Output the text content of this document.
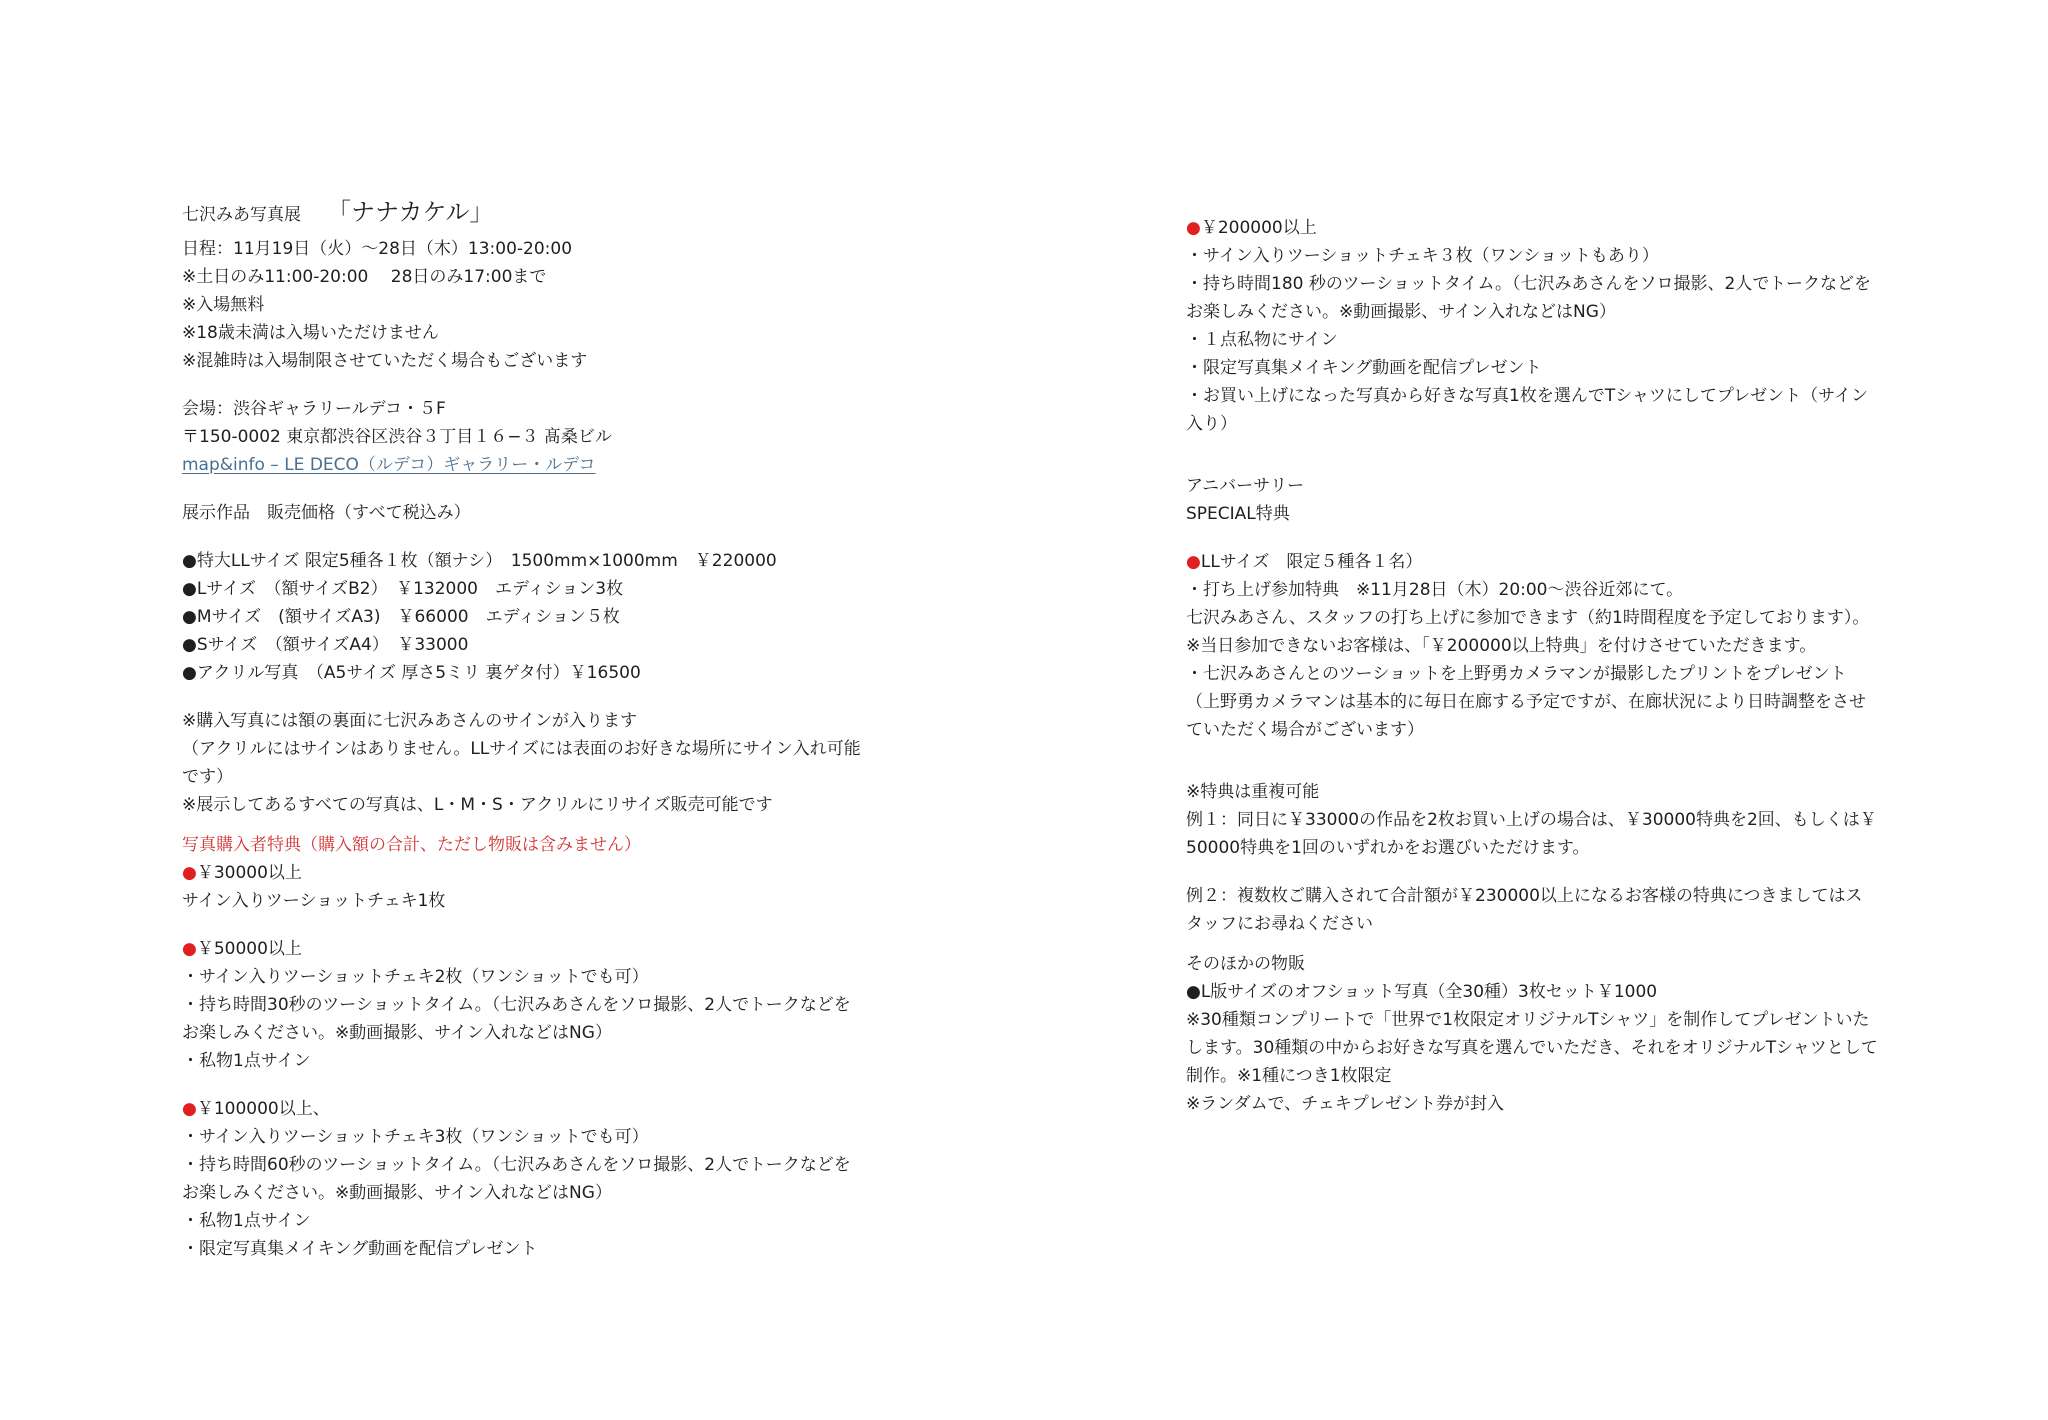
七沢みあ写真展 「ナナカケル」
日程：11月19日（火）〜28日（木）13:00-20:00
※土日のみ11:00-20:00　 28日のみ17:00まで
※入場無料
※18歳未満は入場いただけません
※混雑時は入場制限させていただく場合もございます
会場：渋谷ギャラリールデコ・５F
〒150-0002 東京都渋谷区渋谷３丁目１６−３ 髙桑ビル
map&info – LE DECO（ルデコ）ギャラリー・ルデコ
展示作品　販売価格（すべて税込み）
●特大LLサイズ 限定5種各１枚（額ナシ）　1500mm×1000mm　￥220000
●Lサイズ　（額サイズB2）　￥132000　エディション3枚
●Mサイズ　(額サイズA3)　￥66000　エディション５枚
●Sサイズ　（額サイズA4）　￥33000
●アクリル写真　（A5サイズ 厚さ5ミリ 裏ゲタ付）￥16500
※購入写真には額の裏面に七沢みあさんのサインが入ります
（アクリルにはサインはありません。LLサイズには表面のお好きな場所にサイン入れ可能
です）
※展示してあるすべての写真は、L・M・S・アクリルにリサイズ販売可能です
写真購入者特典（購入額の合計、ただし物販は含みません）
●￥30000以上
サイン入りツーショットチェキ1枚
●￥50000以上
・サイン入りツーショットチェキ2枚（ワンショットでも可）
・持ち時間30秒のツーショットタイム。（七沢みあさんをソロ撮影、2人でトークなどを
お楽しみください。※動画撮影、サイン入れなどはNG）
・私物1点サイン
●￥100000以上、
・サイン入りツーショットチェキ3枚（ワンショットでも可）
・持ち時間60秒のツーショットタイム。（七沢みあさんをソロ撮影、2人でトークなどを
お楽しみください。※動画撮影、サイン入れなどはNG）
・私物1点サイン
・限定写真集メイキング動画を配信プレゼント
●￥200000以上
・サイン入りツーショットチェキ３枚（ワンショットもあり）
・持ち時間180 秒のツーショットタイム。（七沢みあさんをソロ撮影、2人でトークなどを
お楽しみください。※動画撮影、サイン入れなどはNG）
・１点私物にサイン
・限定写真集メイキング動画を配信プレゼント
・お買い上げになった写真から好きな写真1枚を選んでTシャツにしてプレゼント（サイン
入り）
アニバーサリー
SPECIAL特典
●LLサイズ　限定５種各１名）
・打ち上げ参加特典　※11月28日（木）20:00〜渋谷近郊にて。
七沢みあさん、スタッフの打ち上げに参加できます（約1時間程度を予定しております）。
※当日参加できないお客様は、「￥200000以上特典」を付けさせていただきます。
・七沢みあさんとのツーショットを上野勇カメラマンが撮影したプリントをプレゼント
（上野勇カメラマンは基本的に毎日在廊する予定ですが、在廊状況により日時調整をさせ
ていただく場合がございます）
※特典は重複可能
例１：同日に￥33000の作品を2枚お買い上げの場合は、￥30000特典を2回、もしくは￥
50000特典を1回のいずれかをお選びいただけます。
例２：複数枚ご購入されて合計額が￥230000以上になるお客様の特典につきましてはス
タッフにお尋ねください
そのほかの物販
●L版サイズのオフショット写真（全30種）3枚セット￥1000
※30種類コンプリートで「世界で1枚限定オリジナルTシャツ」を制作してプレゼントいた
します。30種類の中からお好きな写真を選んでいただき、それをオリジナルTシャツとして
制作。※1種につき1枚限定
※ランダムで、チェキプレゼント券が封入
